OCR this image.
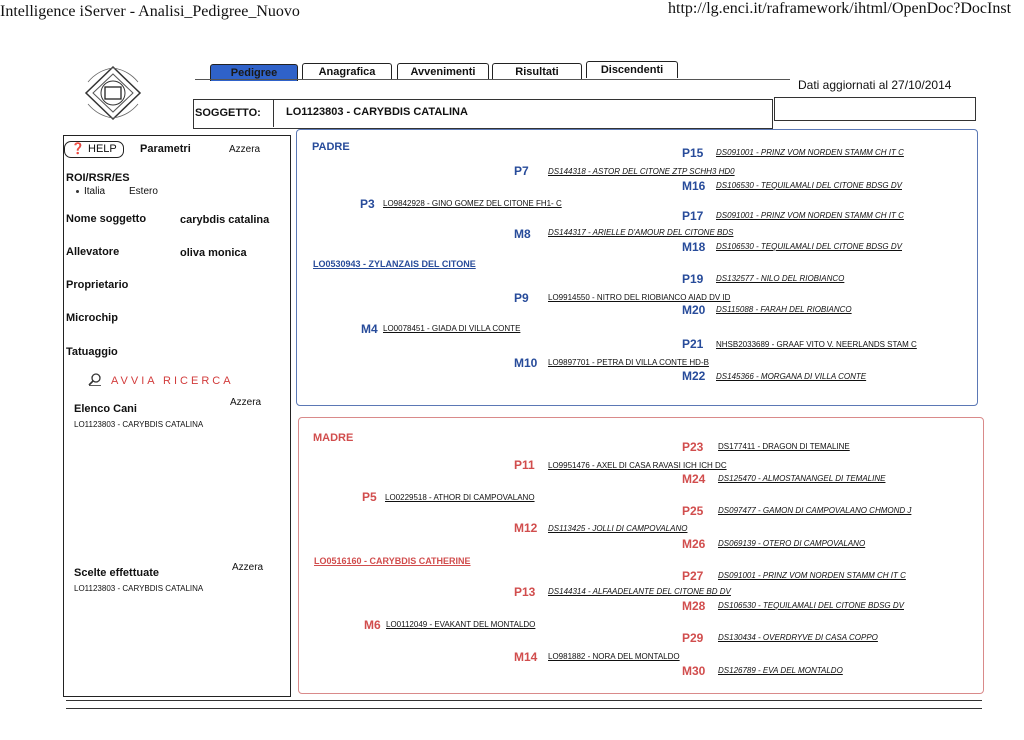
Intelligence iServer - Analisi_Pedigree_Nuovo	http://lg.enci.it/raframework/ihtml/OpenDoc?DocInst
Pedigree	Anagrafica	Avvenimenti	Risultati	Discendenti
Dati aggiornati al 27/10/2014
SOGGETTO: LO1123803 - CARYBDIS CATALINA
❓ HELP	Parametri	Azzera
ROI/RSR/ES
Italia Estero
Nome soggetto	carybdis catalina
Allevatore	oliva monica
Proprietario
Microchip
Tatuaggio
AVVIA RICERCA
Elenco Cani
Azzera
LO1123803 - CARYBDIS CATALINA
Scelte effettuate	Azzera
LO1123803 - CARYBDIS CATALINA
PADRE
LO0530943 - ZYLANZAIS DEL CITONE
P3 LO9842928 - GINO GOMEZ DEL CITONE FH1- C
M4 LO0078451 - GIADA DI VILLA CONTE
P7 DS144318 - ASTOR DEL CITONE ZTP SCHH3 HD0
M8 DS144317 - ARIELLE D'AMOUR DEL CITONE BDS
P9 LO9914550 - NITRO DEL RIOBIANCO AIAD DV ID
M10 LO9897701 - PETRA DI VILLA CONTE HD-B
P15 DS091001 - PRINZ VOM NORDEN STAMM CH IT C
M16 DS106530 - TEQUILAMALI DEL CITONE BDSG DV
P17 DS091001 - PRINZ VOM NORDEN STAMM CH IT C
M18 DS106530 - TEQUILAMALI DEL CITONE BDSG DV
P19 DS132577 - NILO DEL RIOBIANCO
M20 DS115088 - FARAH DEL RIOBIANCO
P21 NHSB2033689 - GRAAF VITO V. NEERLANDS STAM C
M22 DS145366 - MORGANA DI VILLA CONTE
MADRE
LO0516160 - CARYBDIS CATHERINE
P5 LO0229518 - ATHOR DI CAMPOVALANO
M6 LO0112049 - EVAKANT DEL MONTALDO
P11 LO9951476 - AXEL DI CASA RAVASI ICH ICH DC
M12 DS113425 - JOLLI DI CAMPOVALANO
P13 DS144314 - ALFAADELANTE DEL CITONE BD DV
M14 LO981882 - NORA DEL MONTALDO
P23 DS177411 - DRAGON DI TEMALINE
M24 DS125470 - ALMOSTANANGEL DI TEMALINE
P25 DS097477 - GAMON DI CAMPOVALANO CHMOND J
M26 DS069139 - OTERO DI CAMPOVALANO
P27 DS091001 - PRINZ VOM NORDEN STAMM CH IT C
M28 DS106530 - TEQUILAMALI DEL CITONE BDSG DV
P29 DS130434 - OVERDRYVE DI CASA COPPO
M30 DS126789 - EVA DEL MONTALDO
